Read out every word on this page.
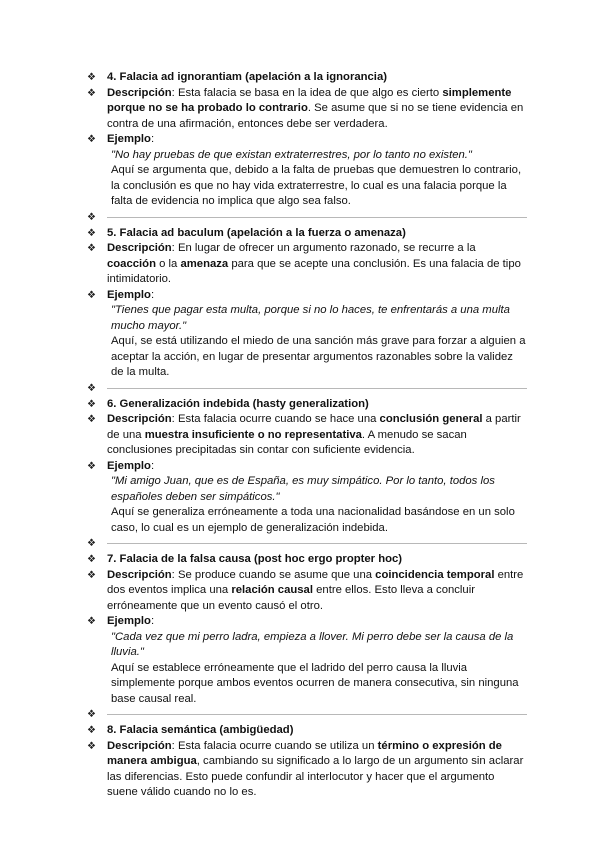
❖ 4. Falacia ad ignorantiam (apelación a la ignorancia)
❖ Descripción: Esta falacia se basa en la idea de que algo es cierto simplemente porque no se ha probado lo contrario. Se asume que si no se tiene evidencia en contra de una afirmación, entonces debe ser verdadera.
❖ Ejemplo:
"No hay pruebas de que existan extraterrestres, por lo tanto no existen."
Aquí se argumenta que, debido a la falta de pruebas que demuestren lo contrario, la conclusión es que no hay vida extraterrestre, lo cual es una falacia porque la falta de evidencia no implica que algo sea falso.
❖
❖ 5. Falacia ad baculum (apelación a la fuerza o amenaza)
❖ Descripción: En lugar de ofrecer un argumento razonado, se recurre a la coacción o la amenaza para que se acepte una conclusión. Es una falacia de tipo intimidatorio.
❖ Ejemplo:
"Tienes que pagar esta multa, porque si no lo haces, te enfrentarás a una multa mucho mayor."
Aquí, se está utilizando el miedo de una sanción más grave para forzar a alguien a aceptar la acción, en lugar de presentar argumentos razonables sobre la validez de la multa.
❖
❖ 6. Generalización indebida (hasty generalization)
❖ Descripción: Esta falacia ocurre cuando se hace una conclusión general a partir de una muestra insuficiente o no representativa. A menudo se sacan conclusiones precipitadas sin contar con suficiente evidencia.
❖ Ejemplo:
"Mi amigo Juan, que es de España, es muy simpático. Por lo tanto, todos los españoles deben ser simpáticos."
Aquí se generaliza erróneamente a toda una nacionalidad basándose en un solo caso, lo cual es un ejemplo de generalización indebida.
❖
❖ 7. Falacia de la falsa causa (post hoc ergo propter hoc)
❖ Descripción: Se produce cuando se asume que una coincidencia temporal entre dos eventos implica una relación causal entre ellos. Esto lleva a concluir erróneamente que un evento causó el otro.
❖ Ejemplo:
"Cada vez que mi perro ladra, empieza a llover. Mi perro debe ser la causa de la lluvia."
Aquí se establece erróneamente que el ladrido del perro causa la lluvia simplemente porque ambos eventos ocurren de manera consecutiva, sin ninguna base causal real.
❖
❖ 8. Falacia semántica (ambigüedad)
❖ Descripción: Esta falacia ocurre cuando se utiliza un término o expresión de manera ambigua, cambiando su significado a lo largo de un argumento sin aclarar las diferencias. Esto puede confundir al interlocutor y hacer que el argumento suene válido cuando no lo es.
